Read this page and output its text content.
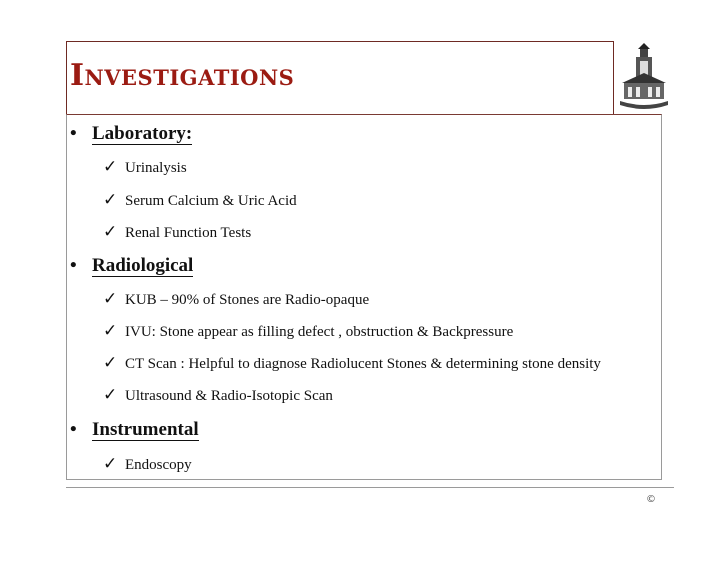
Investigations
• Laboratory:
✓ Urinalysis
✓ Serum Calcium & Uric Acid
✓ Renal Function Tests
• Radiological
✓ KUB – 90% of Stones are Radio-opaque
✓ IVU: Stone appear as filling defect , obstruction & Backpressure
✓ CT Scan : Helpful to diagnose Radiolucent Stones & determining stone density
✓ Ultrasound & Radio-Isotopic Scan
• Instrumental
✓ Endoscopy
©
